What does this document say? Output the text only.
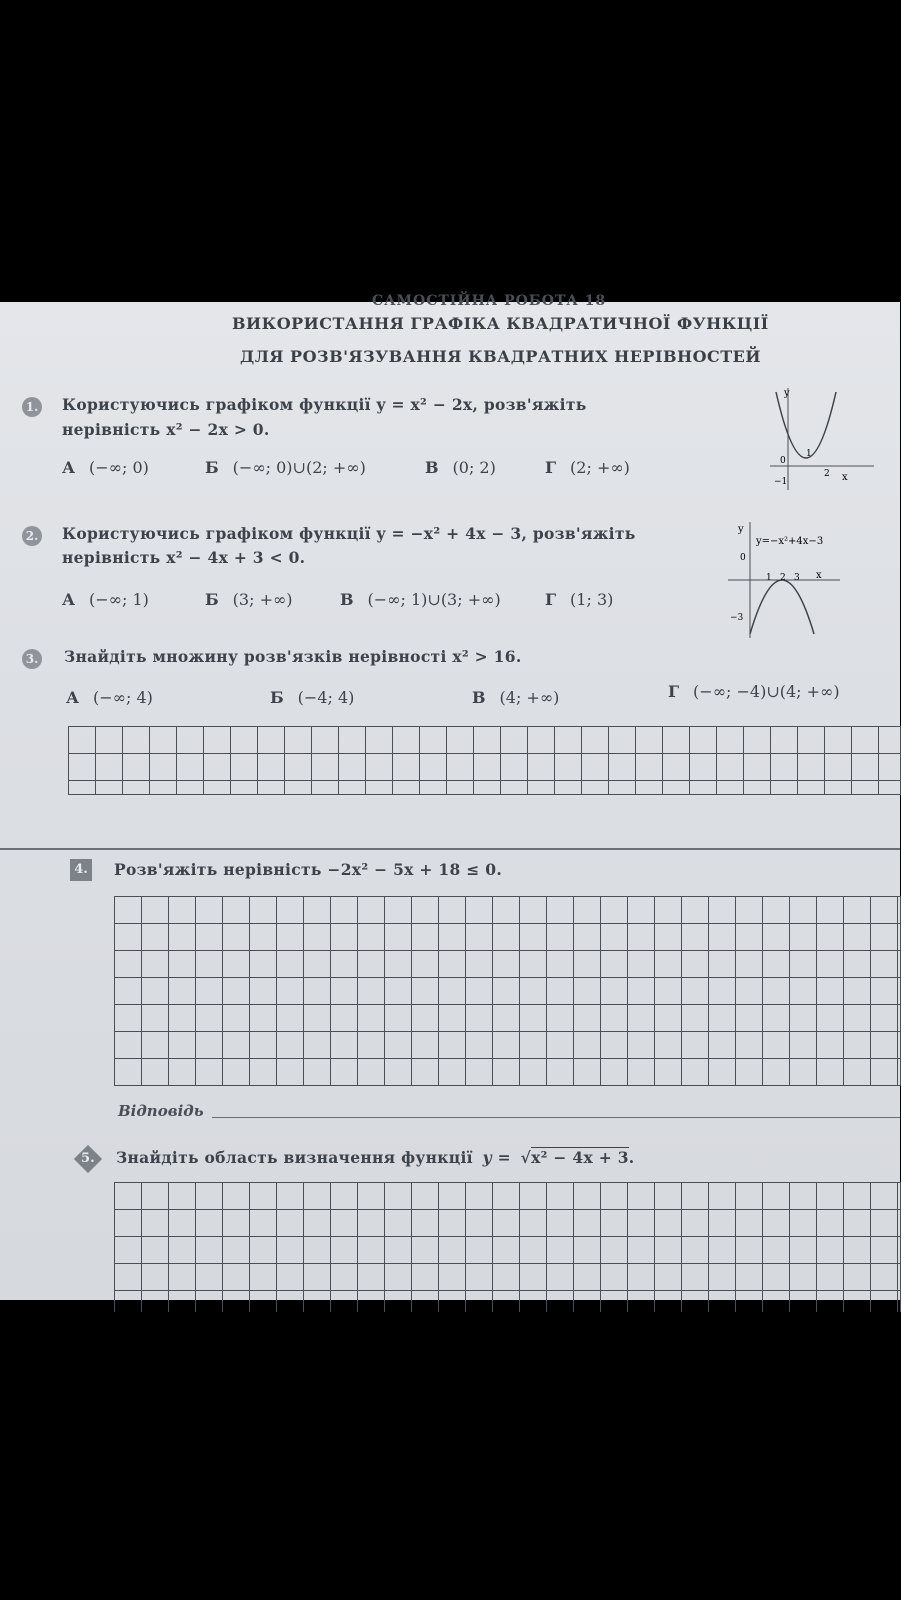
САМОСТІЙНА РОБОТА 18
ВИКОРИСТАННЯ ГРАФІКА КВАДРАТИЧНОЇ ФУНКЦІЇ
ДЛЯ РОЗВ'ЯЗУВАННЯ КВАДРАТНИХ НЕРІВНОСТЕЙ
1. Користуючись графіком функції y = x² − 2x, розв'яжіть
нерівність x² − 2x > 0.
А (−∞; 0)	Б (−∞; 0)∪(2; +∞)	В (0; 2)	Г (2; +∞)
y
x
0
1
2
−1
2. Користуючись графіком функції y = −x² + 4x − 3, розв'яжіть
нерівність x² − 4x + 3 < 0.
А (−∞; 1)	Б (3; +∞)	В (−∞; 1)∪(3; +∞)	Г (1; 3)
y
y=−x²+4x−3
0
x
1 2 3
−3
3. Знайдіть множину розв'язків нерівності x² > 16.
А (−∞; 4)	Б (−4; 4)	В (4; +∞)	Г (−∞; −4)∪(4; +∞)
4. Розв'яжіть нерівність −2x² − 5x + 18 ≤ 0.
Відповідь
5.	Знайдіть область визначення функції y = √x² − 4x + 3.
